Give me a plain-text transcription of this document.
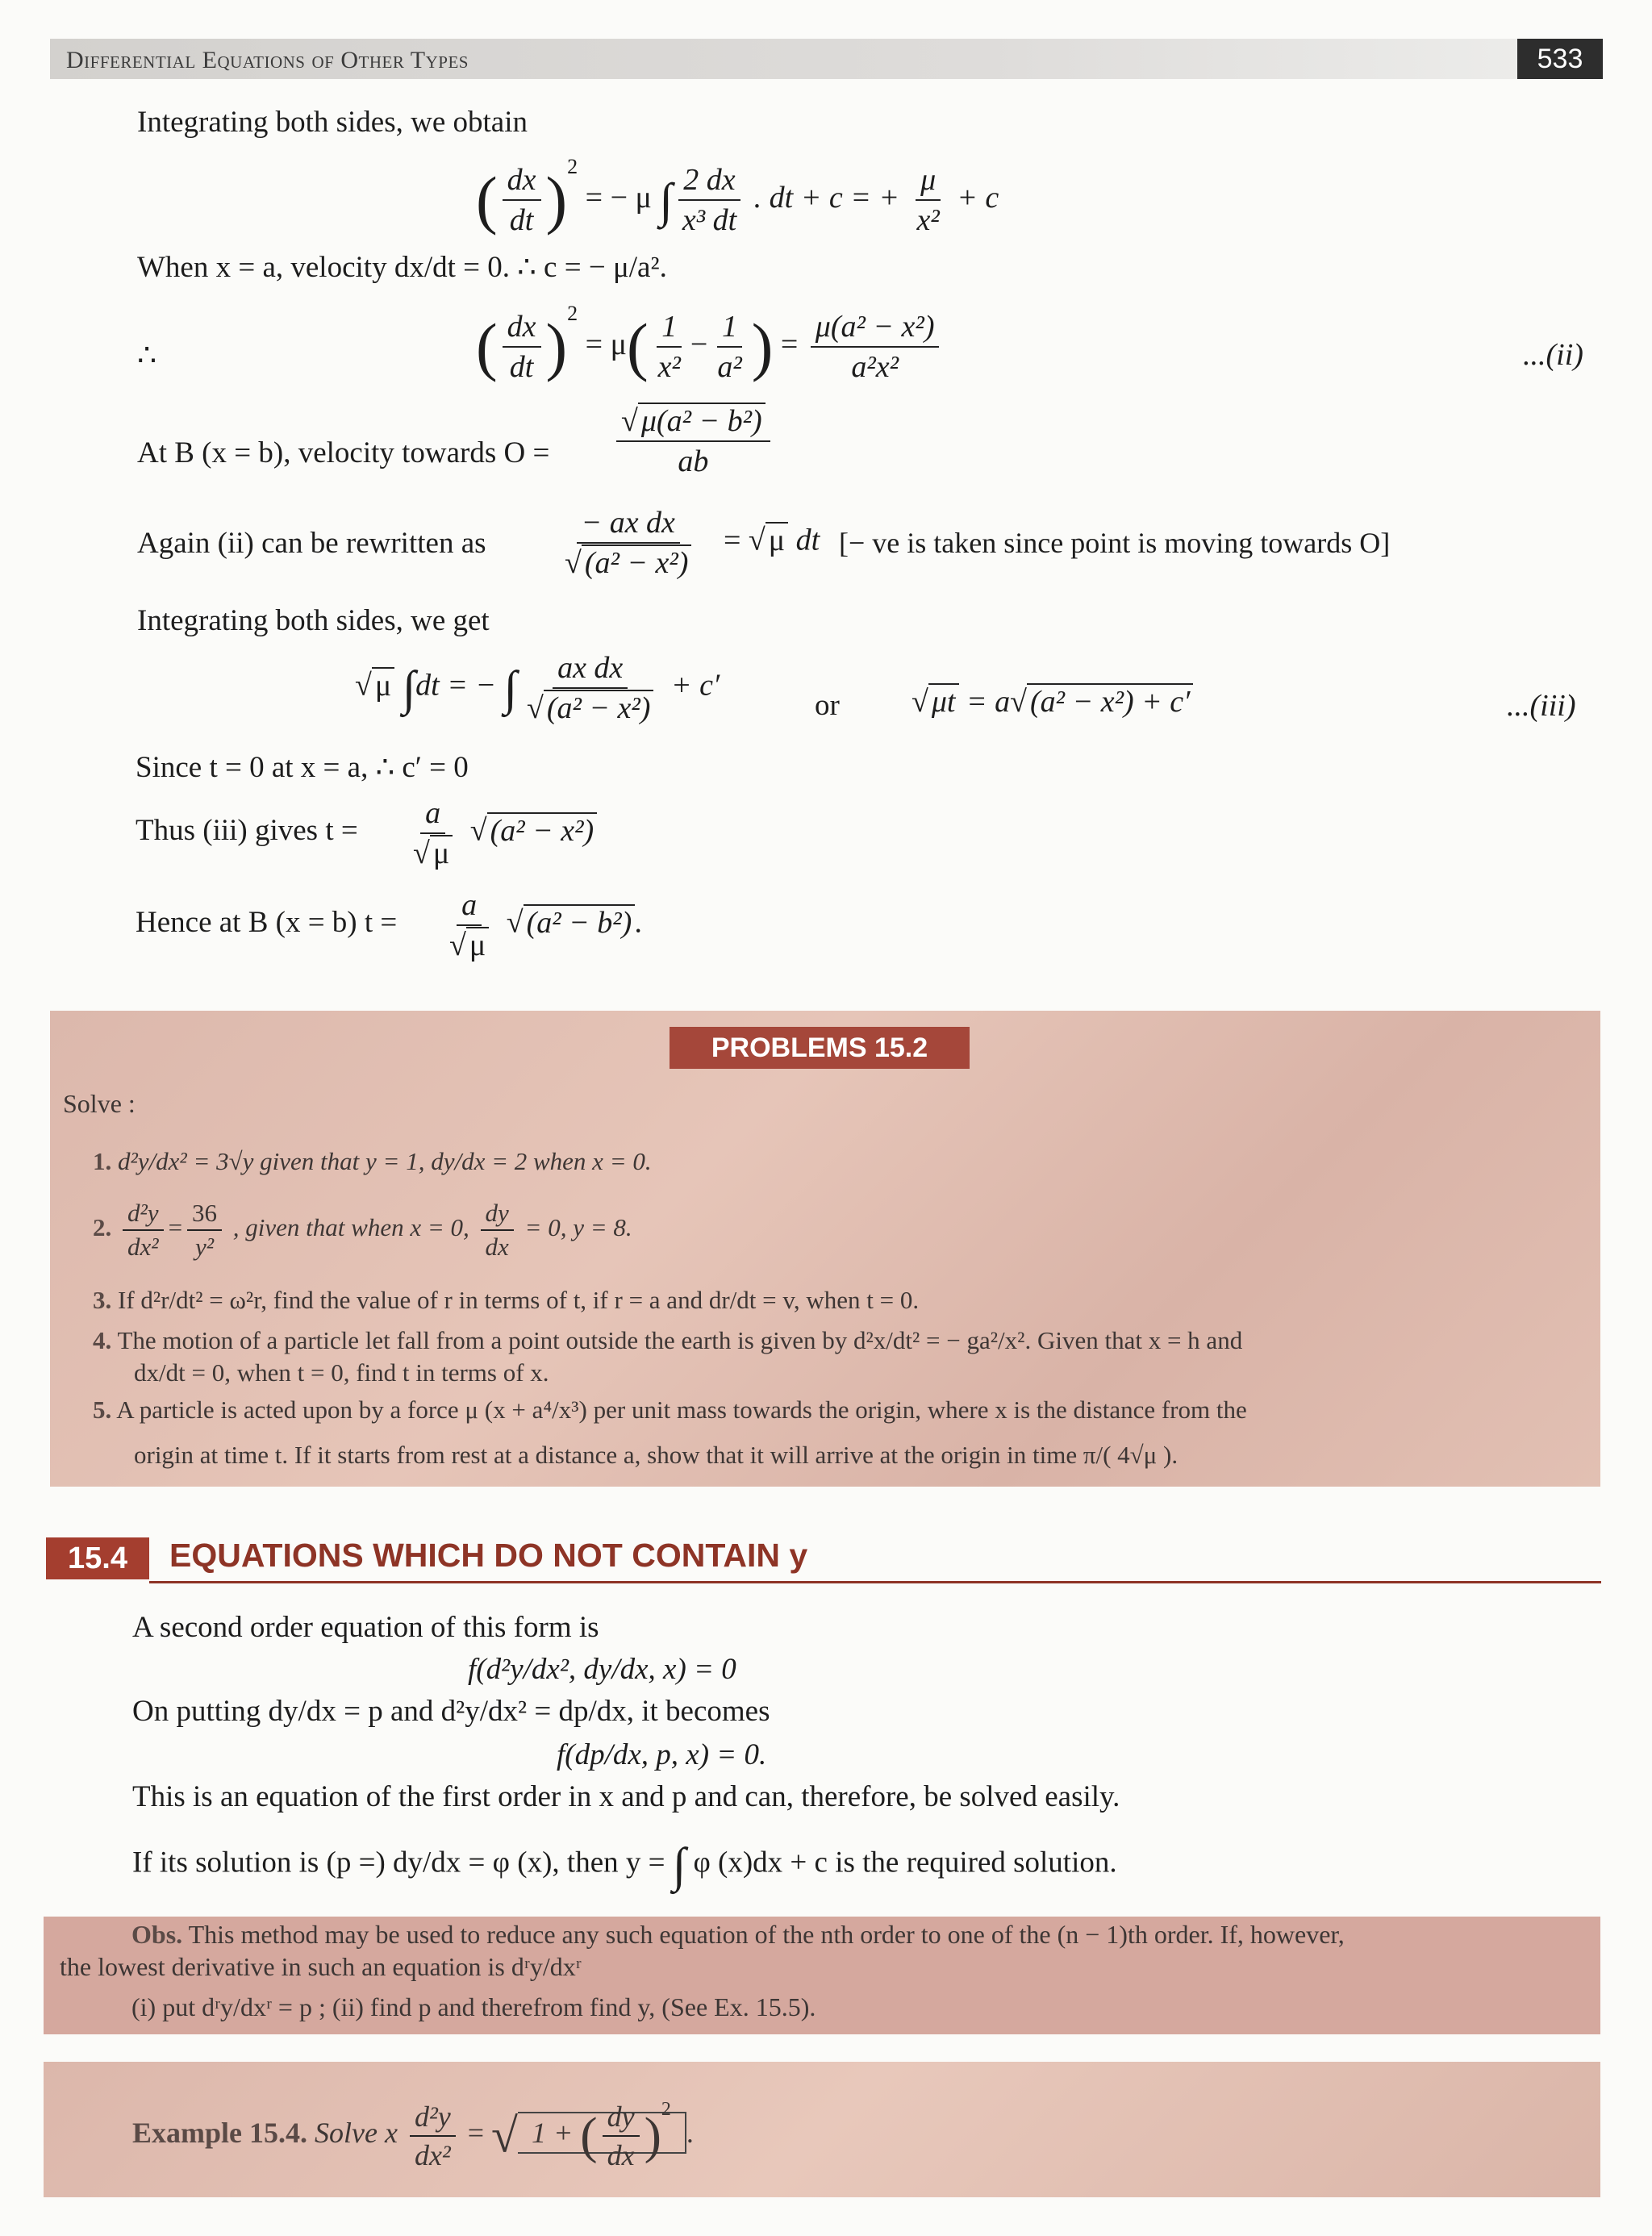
Differential Equations of Other Types	533
Integrating both sides, we obtain
( $\frac{dx}{dt} )^2$ = − μ ∫ $\frac{2 dx}{\text{x³ dt}}$ . dt + c = + $\frac{\mu}{\text{x²}} + c$
When x = a, velocity dx/dt = 0. ∴ c = − μ/a².
∴	( $\frac{dx}{dt} )^2 = \mu( \frac{1}{\text{x²}} - \frac{1}{\text{a²}}$ ) = $\frac{\text{μ(a² − x²)}}{\text{a²x²}}$	...(ii)
At B (x = b), velocity towards $O = \frac{\text{√ μ(a² − b²)}}{ab}$
Again (ii) can be rewritten as $\frac{\text{− ax dx}}{\text{√ (a² − x²)}}$ = √ μ dt [− ve is taken since point is moving towards O]
Integrating both sides, we get
√ μ ∫dt = − ∫ $\frac{\text{ax dx}}{\text{√ (a² − x²)}} + c'$
or √ μt = a√ (a² − x²) + c′	...(iii)
Since t = 0 at x = a, ∴ c′ = 0
Thus (iii) gives $t = \frac{a}{√ \mu}$ √ (a² − x²)
Hence at B (x = b) $t = \frac{a}{√ \mu}$ √ (a² − b²) .
PROBLEMS 15.2
Solve :
1. d²y/dx² = 3√y given that y = 1, dy/dx = 2 when x = 0.
2. $\frac{\text{d²y}}{\text{dx²}} = \frac{36}{\text{y²}}$ , given that when x = 0, $\frac{dy}{dx} = 0$, y = 8.
3. If d²r/dt² = ω²r, find the value of r in terms of t, if r = a and dr/dt = v, when t = 0.
4. The motion of a particle let fall from a point outside the earth is given by d²x/dt² = − ga²/x². Given that x = h and
dx/dt = 0, when t = 0, find t in terms of x.
5. A particle is acted upon by a force μ (x + a⁴/x³) per unit mass towards the origin, where x is the distance from the
origin at time t. If it starts from rest at a distance a, show that it will arrive at the origin in time π/( 4√μ ).
15.4	EQUATIONS WHICH DO NOT CONTAIN y
A second order equation of this form is
f(d²y/dx², dy/dx, x) = 0
On putting dy/dx = p and d²y/dx² = dp/dx, it becomes
f(dp/dx, p, x) = 0.
This is an equation of the first order in x and p and can, therefore, be solved easily.
If its solution is (p =) dy/dx = φ (x), then y = ∫ φ (x)dx + c is the required solution.
Obs. This method may be used to reduce any such equation of the nth order to one of the (n − 1)th order. If, however,
the lowest derivative in such an equation is dʳy/dxʳ
(i) put dʳy/dxʳ = p ; (ii) find p and therefrom find y, (See Ex. 15.5).
Example 15.4. Solve x $\frac{\text{d²y}}{\text{dx²}}$ = √ 1 + ( $\frac{dy}{dx} )^2$ .
